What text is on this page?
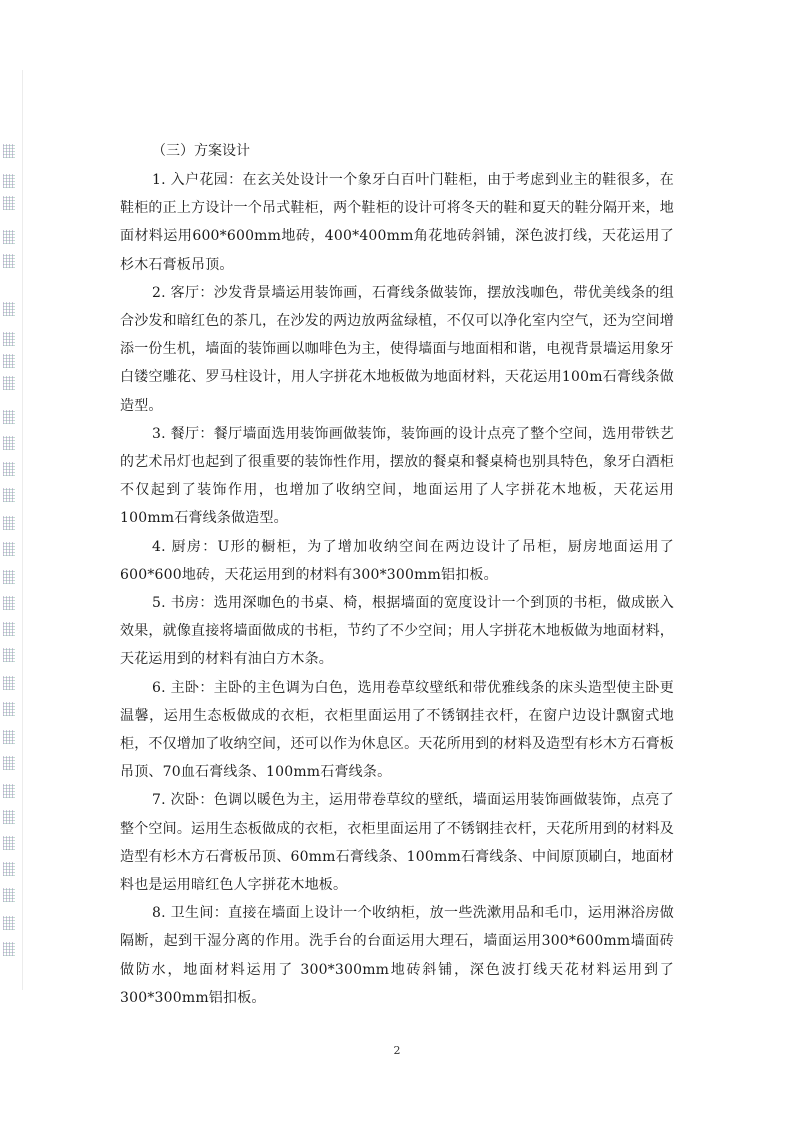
（三）方案设计

1. 入户花园：在玄关处设计一个象牙白百叶门鞋柜，由于考虑到业主的鞋很多，在鞋柜的正上方设计一个吊式鞋柜，两个鞋柜的设计可将冬天的鞋和夏天的鞋分隔开来，地面材料运用600*600mm地砖，400*400mm角花地砖斜铺，深色波打线，天花运用了杉木石膏板吊顶。

2. 客厅：沙发背景墙运用装饰画，石膏线条做装饰，摆放浅咖色，带优美线条的组合沙发和暗红色的茶几，在沙发的两边放两盆绿植，不仅可以净化室内空气，还为空间增添一份生机，墙面的装饰画以咖啡色为主，使得墙面与地面相和谐，电视背景墙运用象牙白镂空雕花、罗马柱设计，用人字拼花木地板做为地面材料，天花运用100m石膏线条做造型。

3. 餐厅：餐厅墙面选用装饰画做装饰，装饰画的设计点亮了整个空间，选用带铁艺的艺术吊灯也起到了很重要的装饰性作用，摆放的餐桌和餐桌椅也别具特色，象牙白酒柜不仅起到了装饰作用，也增加了收纳空间，地面运用了人字拼花木地板，天花运用100mm石膏线条做造型。

4. 厨房：U形的橱柜，为了增加收纳空间在两边设计了吊柜，厨房地面运用了 600*600地砖，天花运用到的材料有300*300mm铝扣板。

5. 书房：选用深咖色的书桌、椅，根据墙面的宽度设计一个到顶的书柜，做成嵌入效果，就像直接将墙面做成的书柜，节约了不少空间；用人字拼花木地板做为地面材料，天花运用到的材料有油白方木条。

6. 主卧：主卧的主色调为白色，选用卷草纹壁纸和带优雅线条的床头造型使主卧更温馨，运用生态板做成的衣柜，衣柜里面运用了不锈钢挂衣杆，在窗户边设计飘窗式地柜，不仅增加了收纳空间，还可以作为休息区。天花所用到的材料及造型有杉木方石膏板吊顶、70血石膏线条、100mm石膏线条。

7. 次卧：色调以暖色为主，运用带卷草纹的壁纸，墙面运用装饰画做装饰，点亮了整个空间。运用生态板做成的衣柜，衣柜里面运用了不锈钢挂衣杆，天花所用到的材料及造型有杉木方石膏板吊顶、60mm石膏线条、100mm石膏线条、中间原顶刷白，地面材料也是运用暗红色人字拼花木地板。

8. 卫生间：直接在墙面上设计一个收纳柜，放一些洗漱用品和毛巾，运用淋浴房做隔断，起到干湿分离的作用。洗手台的台面运用大理石，墙面运用300*600mm墙面砖做防水，地面材料运用了 300*300mm地砖斜铺，深色波打线天花材料运用到了 300*300mm铝扣板。

2
